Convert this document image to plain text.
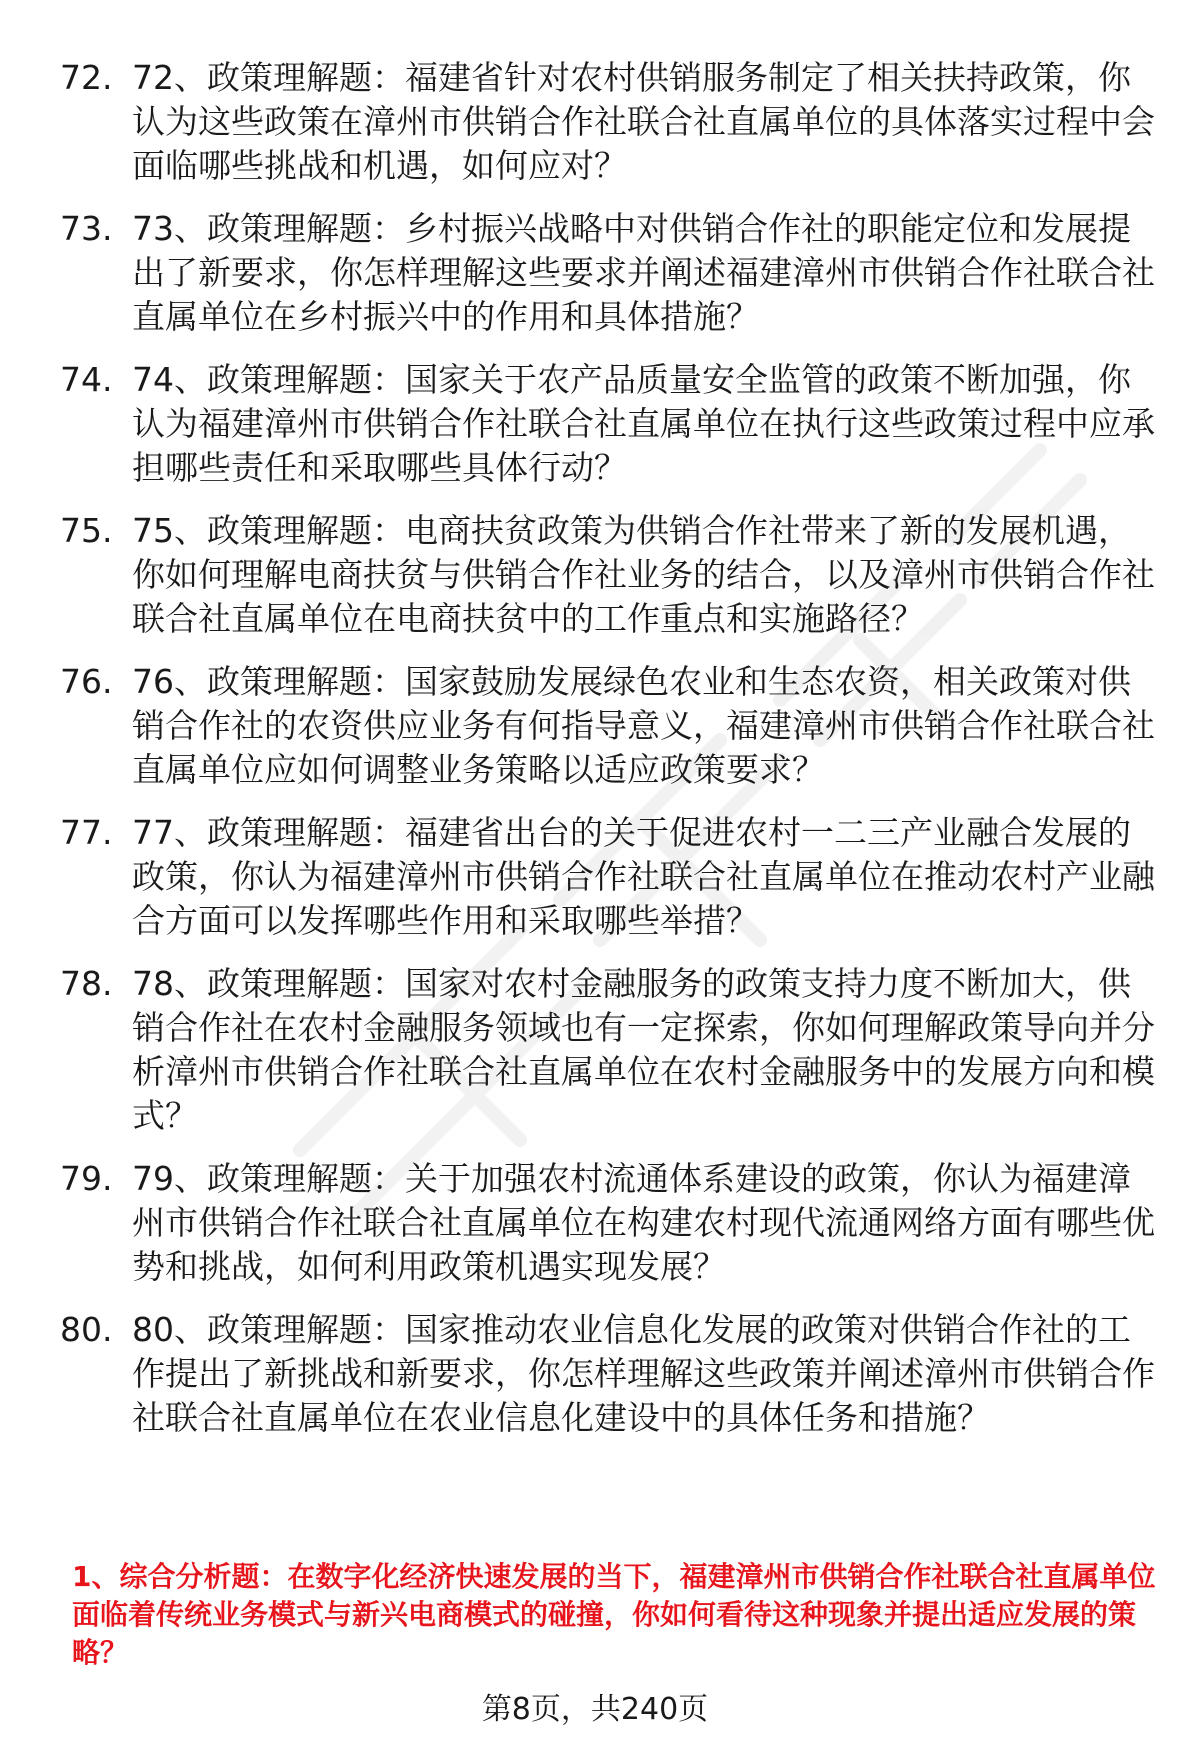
72. 72、政策理解题：福建省针对农村供销服务制定了相关扶持政策，你认为这些政策在漳州市供销合作社联合社直属单位的具体落实过程中会面临哪些挑战和机遇，如何应对？
73. 73、政策理解题：乡村振兴战略中对供销合作社的职能定位和发展提出了新要求，你怎样理解这些要求并阐述福建漳州市供销合作社联合社直属单位在乡村振兴中的作用和具体措施？
74. 74、政策理解题：国家关于农产品质量安全监管的政策不断加强，你认为福建漳州市供销合作社联合社直属单位在执行这些政策过程中应承担哪些责任和采取哪些具体行动？
75. 75、政策理解题：电商扶贫政策为供销合作社带来了新的发展机遇，你如何理解电商扶贫与供销合作社业务的结合，以及漳州市供销合作社联合社直属单位在电商扶贫中的工作重点和实施路径？
76. 76、政策理解题：国家鼓励发展绿色农业和生态农资，相关政策对供销合作社的农资供应业务有何指导意义，福建漳州市供销合作社联合社直属单位应如何调整业务策略以适应政策要求？
77. 77、政策理解题：福建省出台的关于促进农村一二三产业融合发展的政策，你认为福建漳州市供销合作社联合社直属单位在推动农村产业融合方面可以发挥哪些作用和采取哪些举措？
78. 78、政策理解题：国家对农村金融服务的政策支持力度不断加大，供销合作社在农村金融服务领域也有一定探索，你如何理解政策导向并分析漳州市供销合作社联合社直属单位在农村金融服务中的发展方向和模式？
79. 79、政策理解题：关于加强农村流通体系建设的政策，你认为福建漳州市供销合作社联合社直属单位在构建农村现代流通网络方面有哪些优势和挑战，如何利用政策机遇实现发展？
80. 80、政策理解题：国家推动农业信息化发展的政策对供销合作社的工作提出了新挑战和新要求，你怎样理解这些政策并阐述漳州市供销合作社联合社直属单位在农业信息化建设中的具体任务和措施？
1、综合分析题：在数字化经济快速发展的当下，福建漳州市供销合作社联合社直属单位面临着传统业务模式与新兴电商模式的碰撞，你如何看待这种现象并提出适应发展的策略？
第8页，共240页
